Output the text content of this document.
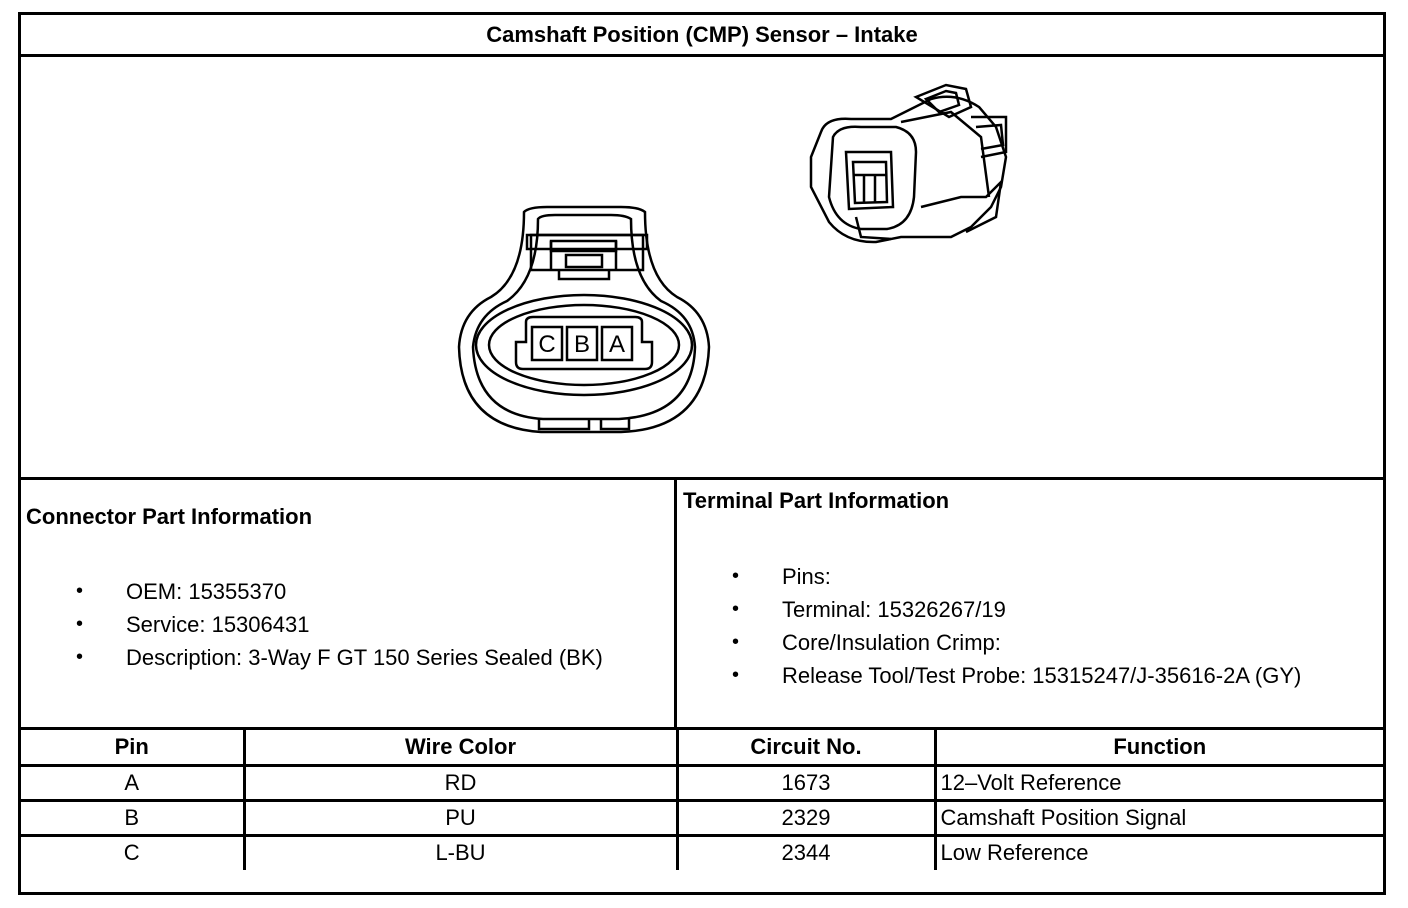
Camshaft Position (CMP) Sensor – Intake
C B A
Connector Part Information
• OEM: 15355370
• Service: 15306431
• Description: 3-Way F GT 150 Series Sealed (BK)
Terminal Part Information
• Pins:
• Terminal: 15326267/19
• Core/Insulation Crimp:
• Release Tool/Test Probe: 15315247/J-35616-2A (GY)
Pin	Wire Color	Circuit No.	Function
A	RD	1673	12–Volt Reference
B	PU	2329	Camshaft Position Signal
C	L-BU	2344	Low Reference
